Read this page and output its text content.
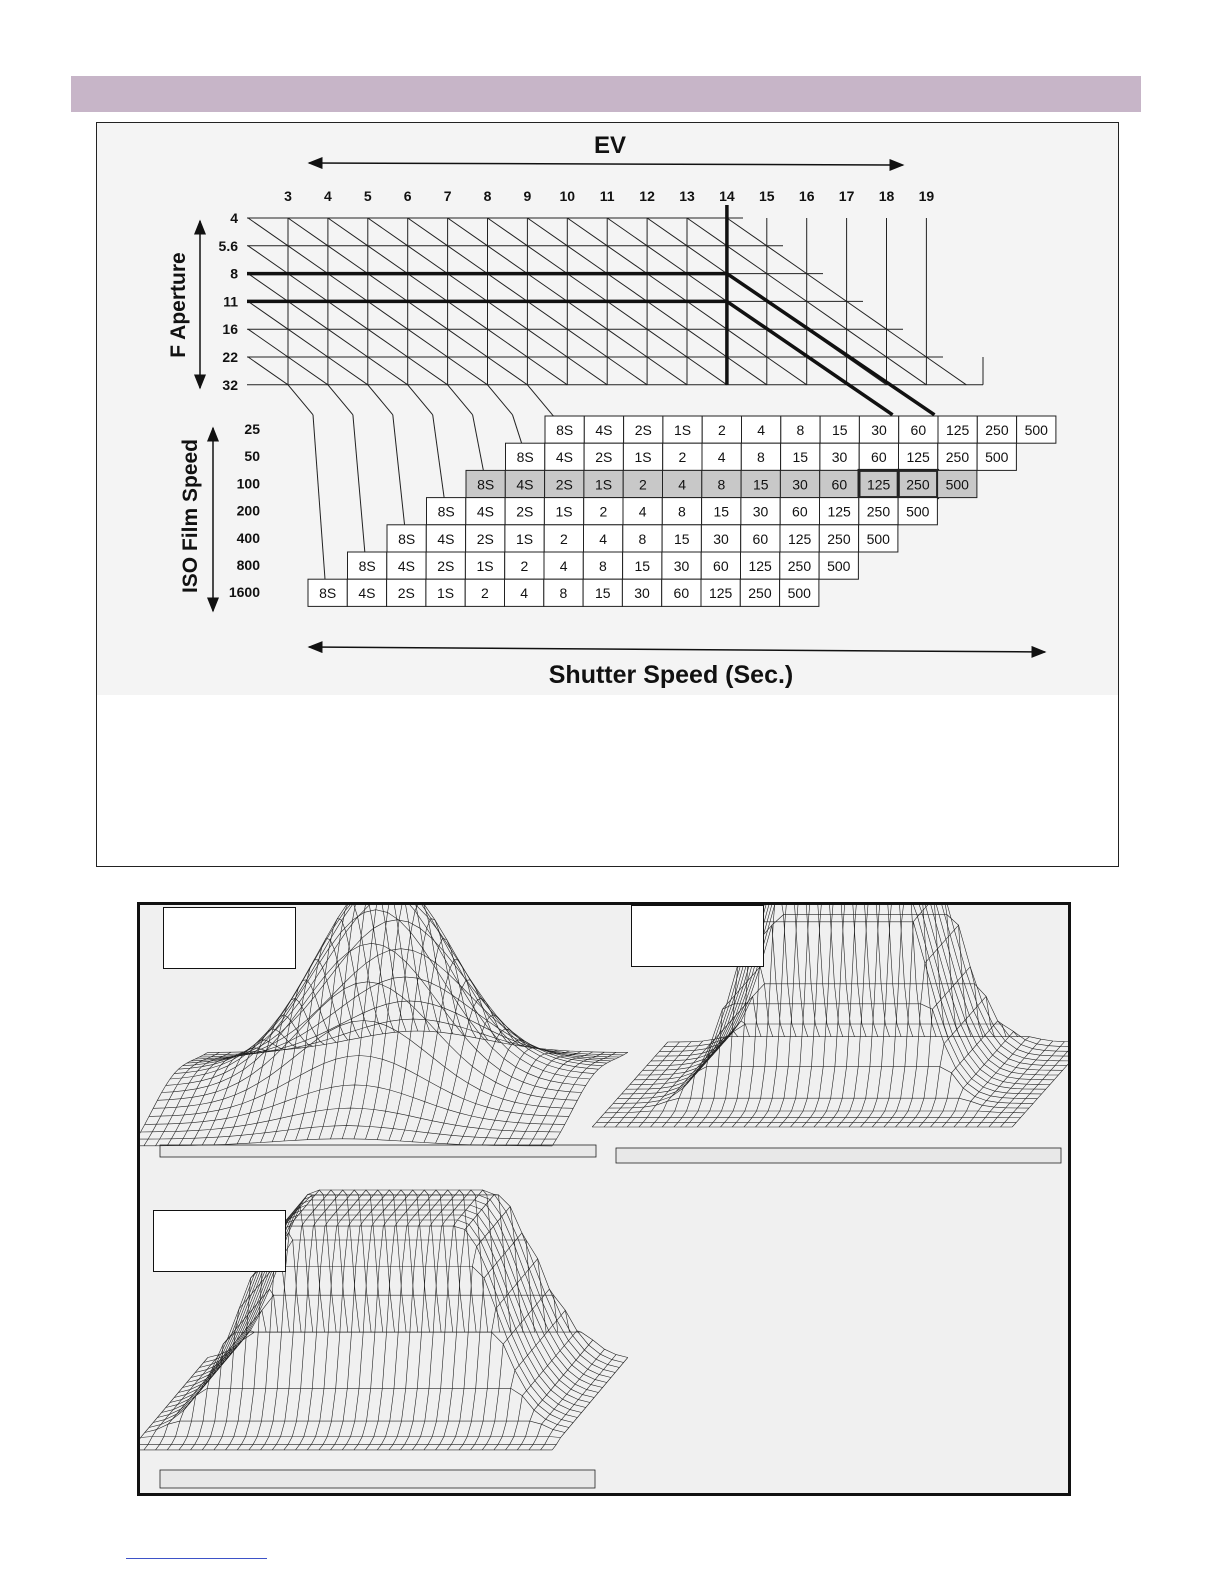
EV
3 4 5 6 7 8 9 10 11 12 13 14 15 16 17 18 19
4
5.6
8
11
16
22
32
F Aperture
25
50
100
200
400
800
1600
ISO Film Speed
8S 4S 2S 1S 2 4 8 15 30 60 125 250 500
8S 4S 2S 1S 2 4 8 15 30 60 125 250 500
8S 4S 2S 1S 2 4 8 15 30 60 125 250 500
8S 4S 2S 1S 2 4 8 15 30 60 125 250 500
8S 4S 2S 1S 2 4 8 15 30 60 125 250 500
8S 4S 2S 1S 2 4 8 15 30 60 125 250 500
8S 4S 2S 1S 2 4 8 15 30 60 125 250 500
Shutter Speed (Sec.)
